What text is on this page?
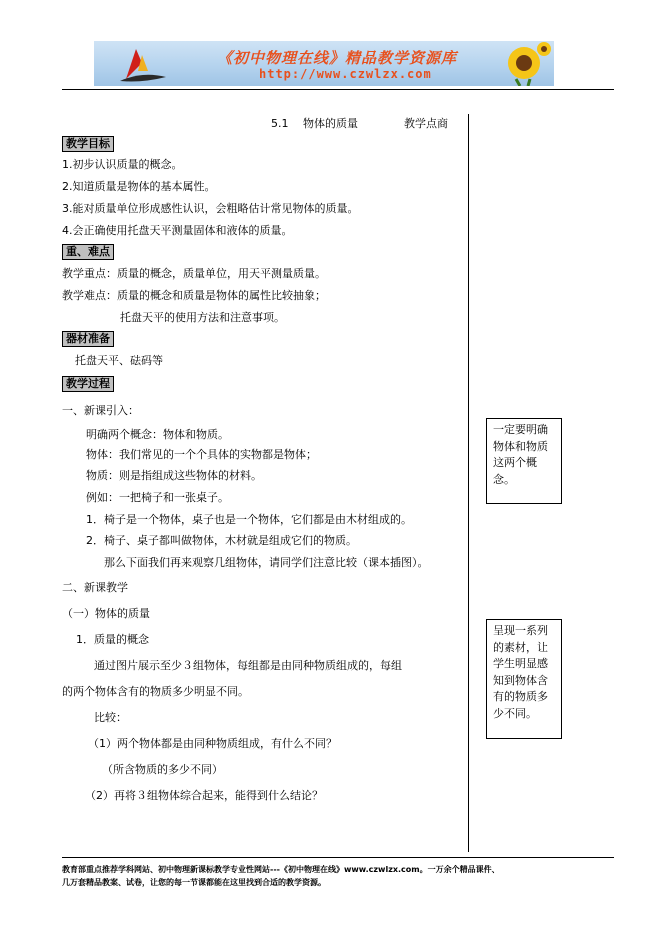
《初中物理在线》精品教学资源库
http://www.czwlzx.com
5.1 物体的质量	教学点商
教学目标
1.初步认识质量的概念。
2.知道质量是物体的基本属性。
3.能对质量单位形成感性认识，会粗略估计常见物体的质量。
4.会正确使用托盘天平测量固体和液体的质量。
重、难点
教学重点：质量的概念，质量单位，用天平测量质量。
教学难点：质量的概念和质量是物体的属性比较抽象；
托盘天平的使用方法和注意事项。
器材准备
托盘天平、砝码等
教学过程
一、新课引入：
明确两个概念：物体和物质。
物体：我们常见的一个个具体的实物都是物体；
物质：则是指组成这些物体的材料。
例如：一把椅子和一张桌子。
1．椅子是一个物体，桌子也是一个物体，它们都是由木材组成的。
2．椅子、桌子都叫做物体，木材就是组成它们的物质。
那么下面我们再来观察几组物体，请同学们注意比较（课本插图）。
二、新课教学
（一）物体的质量
1．质量的概念
通过图片展示至少３组物体，每组都是由同种物质组成的，每组
的两个物体含有的物质多少明显不同。
比较：
（1）两个物体都是由同种物质组成，有什么不同？
（所含物质的多少不同）
（2）再将３组物体综合起来，能得到什么结论？
一定要明确物体和物质这两个概念。
呈现一系列的素材，让学生明显感知到物体含有的物质多少不同。
教育部重点推荐学科网站、初中物理新课标教学专业性网站---《初中物理在线》www.czwlzx.com。一万余个精品课件、
几万套精品教案、试卷，让您的每一节课都能在这里找到合适的教学资源。
